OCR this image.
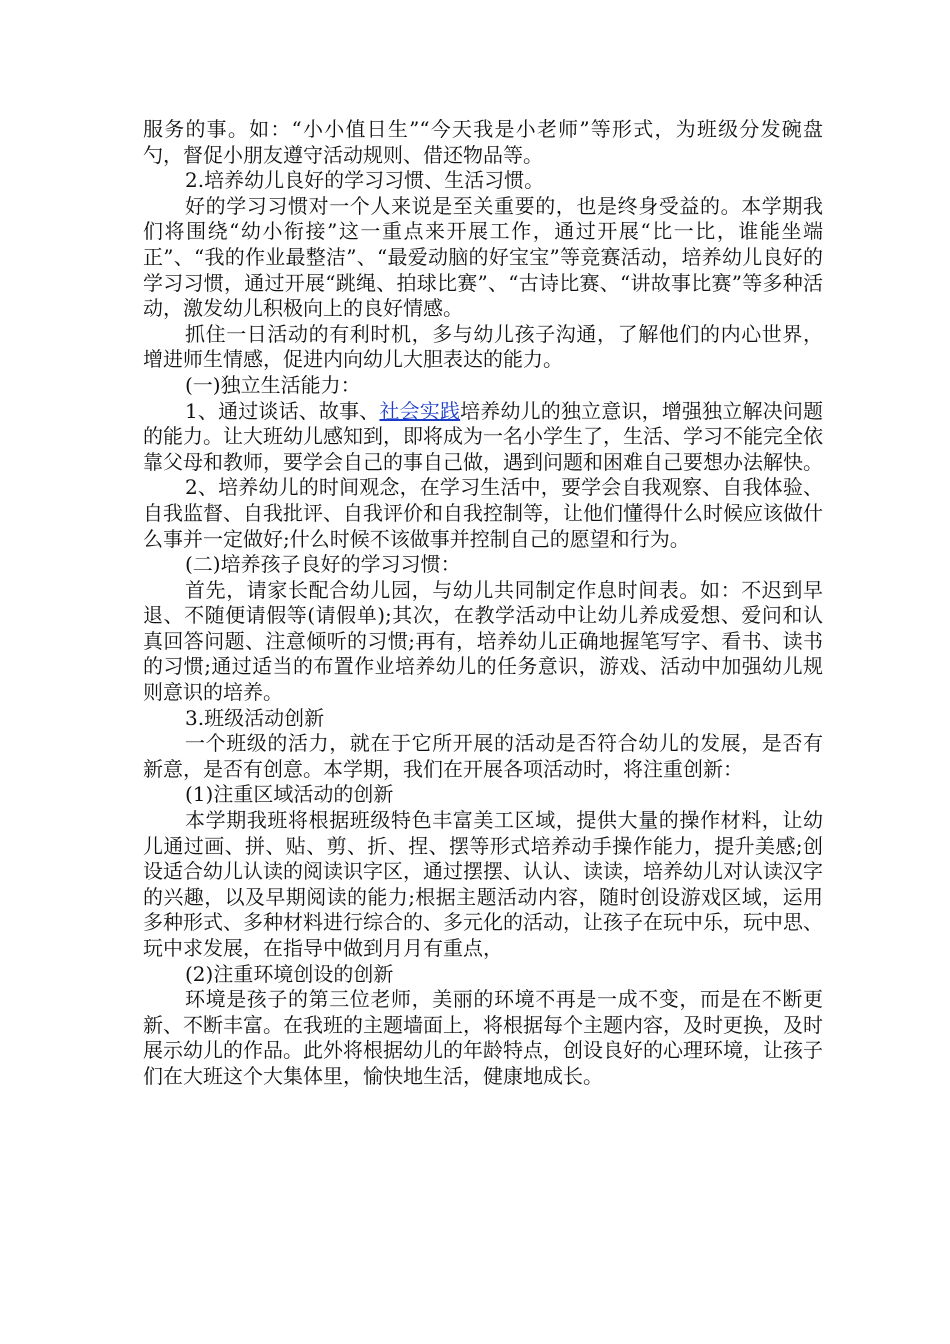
服务的事。如：“小小值日生”“今天我是小老师”等形式，为班级分发碗盘勺，督促小朋友遵守活动规则、借还物品等。

2.培养幼儿良好的学习习惯、生活习惯。

好的学习习惯对一个人来说是至关重要的，也是终身受益的。本学期我们将围绕“幼小衔接”这一重点来开展工作，通过开展“比一比，谁能坐端正”、“我的作业最整洁”、“最爱动脑的好宝宝”等竞赛活动，培养幼儿良好的学习习惯，通过开展“跳绳、拍球比赛”、“古诗比赛、“讲故事比赛”等多种活动，激发幼儿积极向上的良好情感。

抓住一日活动的有利时机，多与幼儿孩子沟通，了解他们的内心世界，增进师生情感，促进内向幼儿大胆表达的能力。

(一)独立生活能力：

1、通过谈话、故事、社会实践培养幼儿的独立意识，增强独立解决问题的能力。让大班幼儿感知到，即将成为一名小学生了，生活、学习不能完全依靠父母和教师，要学会自己的事自己做，遇到问题和困难自己要想办法解快。

2、培养幼儿的时间观念，在学习生活中，要学会自我观察、自我体验、自我监督、自我批评、自我评价和自我控制等，让他们懂得什么时候应该做什么事并一定做好;什么时候不该做事并控制自己的愿望和行为。

(二)培养孩子良好的学习习惯：

首先，请家长配合幼儿园，与幼儿共同制定作息时间表。如：不迟到早退、不随便请假等(请假单);其次，在教学活动中让幼儿养成爱想、爱问和认真回答问题、注意倾听的习惯;再有，培养幼儿正确地握笔写字、看书、读书的习惯;通过适当的布置作业培养幼儿的任务意识，游戏、活动中加强幼儿规则意识的培养。

3.班级活动创新

一个班级的活力，就在于它所开展的活动是否符合幼儿的发展，是否有新意，是否有创意。本学期，我们在开展各项活动时，将注重创新：

(1)注重区域活动的创新

本学期我班将根据班级特色丰富美工区域，提供大量的操作材料，让幼儿通过画、拼、贴、剪、折、捏、摆等形式培养动手操作能力，提升美感;创设适合幼儿认读的阅读识字区，通过摆摆、认认、读读，培养幼儿对认读汉字的兴趣，以及早期阅读的能力;根据主题活动内容，随时创设游戏区域，运用多种形式、多种材料进行综合的、多元化的活动，让孩子在玩中乐，玩中思、玩中求发展，在指导中做到月月有重点，

(2)注重环境创设的创新

环境是孩子的第三位老师，美丽的环境不再是一成不变，而是在不断更新、不断丰富。在我班的主题墙面上，将根据每个主题内容，及时更换，及时展示幼儿的作品。此外将根据幼儿的年龄特点，创设良好的心理环境，让孩子们在大班这个大集体里，愉快地生活，健康地成长。
